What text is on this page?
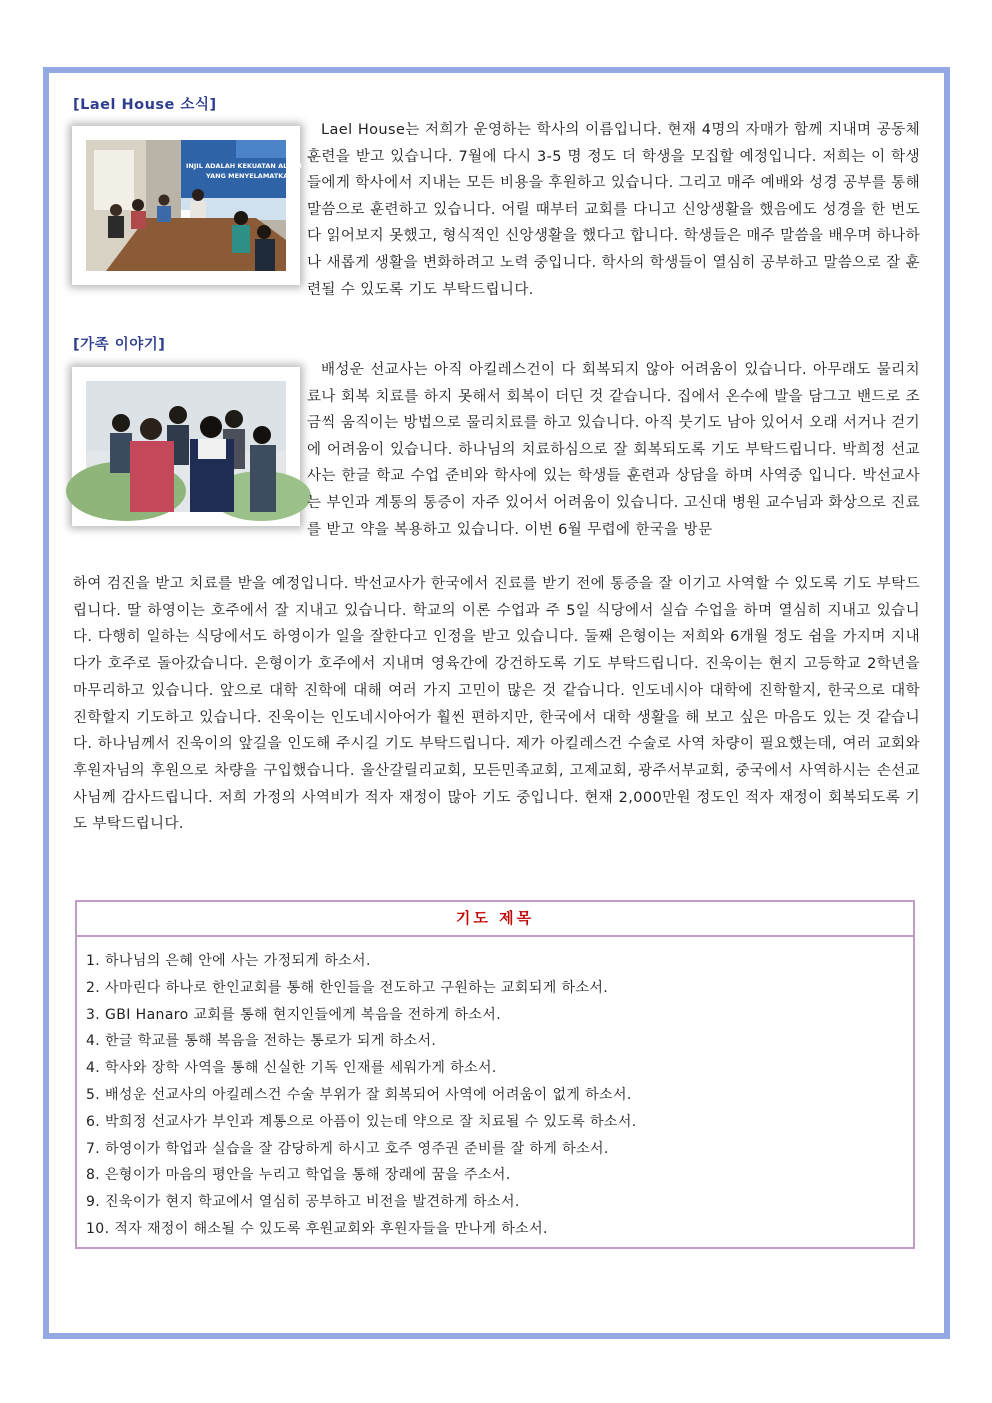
[Lael House 소식]
INJIL ADALAH KEKUATAN ALLAH
YANG MENYELAMATKAN

Lael House는 저희가 운영하는 학사의 이름입니다. 현재 4명의 자매가 함께 지내며 공동체 훈련을 받고 있습니다. 7월에 다시 3-5 명 정도 더 학생을 모집할 예정입니다. 저희는 이 학생들에게 학사에서 지내는 모든 비용을 후원하고 있습니다. 그리고 매주 예배와 성경 공부를 통해 말씀으로 훈련하고 있습니다. 어릴 때부터 교회를 다니고 신앙생활을 했음에도 성경을 한 번도 다 읽어보지 못했고, 형식적인 신앙생활을 했다고 합니다. 학생들은 매주 말씀을 배우며 하나하나 새롭게 생활을 변화하려고 노력 중입니다. 학사의 학생들이 열심히 공부하고 말씀으로 잘 훈련될 수 있도록 기도 부탁드립니다.

[가족 이야기]

배성운 선교사는 아직 아킬레스건이 다 회복되지 않아 어려움이 있습니다. 아무래도 물리치료나 회복 치료를 하지 못해서 회복이 더딘 것 같습니다. 집에서 온수에 발을 담그고 밴드로 조금씩 움직이는 방법으로 물리치료를 하고 있습니다. 아직 붓기도 남아 있어서 오래 서거나 걷기에 어려움이 있습니다. 하나님의 치료하심으로 잘 회복되도록 기도 부탁드립니다. 박희정 선교사는 한글 학교 수업 준비와 학사에 있는 학생들 훈련과 상담을 하며 사역중 입니다. 박선교사는 부인과 계통의 통증이 자주 있어서 어려움이 있습니다. 고신대 병원 교수님과 화상으로 진료를 받고 약을 복용하고 있습니다. 이번 6월 무렵에 한국을 방문

하여 검진을 받고 치료를 받을 예정입니다. 박선교사가 한국에서 진료를 받기 전에 통증을 잘 이기고 사역할 수 있도록 기도 부탁드립니다. 딸 하영이는 호주에서 잘 지내고 있습니다. 학교의 이론 수업과 주 5일 식당에서 실습 수업을 하며 열심히 지내고 있습니다. 다행히 일하는 식당에서도 하영이가 일을 잘한다고 인정을 받고 있습니다. 둘째 은형이는 저희와 6개월 정도 쉼을 가지며 지내다가 호주로 돌아갔습니다. 은형이가 호주에서 지내며 영육간에 강건하도록 기도 부탁드립니다. 진욱이는 현지 고등학교 2학년을 마무리하고 있습니다. 앞으로 대학 진학에 대해 여러 가지 고민이 많은 것 같습니다. 인도네시아 대학에 진학할지, 한국으로 대학 진학할지 기도하고 있습니다. 진욱이는 인도네시아어가 훨씬 편하지만, 한국에서 대학 생활을 해 보고 싶은 마음도 있는 것 같습니다. 하나님께서 진욱이의 앞길을 인도해 주시길 기도 부탁드립니다. 제가 아킬레스건 수술로 사역 차량이 필요했는데, 여러 교회와 후원자님의 후원으로 차량을 구입했습니다. 울산갈릴리교회, 모든민족교회, 고제교회, 광주서부교회, 중국에서 사역하시는 손선교사님께 감사드립니다. 저희 가정의 사역비가 적자 재정이 많아 기도 중입니다. 현재 2,000만원 정도인 적자 재정이 회복되도록 기도 부탁드립니다.

기도 제목
1. 하나님의 은혜 안에 사는 가정되게 하소서.
2. 사마린다 하나로 한인교회를 통해 한인들을 전도하고 구원하는 교회되게 하소서.
3. GBI Hanaro 교회를 통해 현지인들에게 복음을 전하게 하소서.
4. 한글 학교를 통해 복음을 전하는 통로가 되게 하소서.
4. 학사와 장학 사역을 통해 신실한 기독 인재를 세워가게 하소서.
5. 배성운 선교사의 아킬레스건 수술 부위가 잘 회복되어 사역에 어려움이 없게 하소서.
6. 박희정 선교사가 부인과 계통으로 아픔이 있는데 약으로 잘 치료될 수 있도록 하소서.
7. 하영이가 학업과 실습을 잘 감당하게 하시고 호주 영주권 준비를 잘 하게 하소서.
8. 은형이가 마음의 평안을 누리고 학업을 통해 장래에 꿈을 주소서.
9. 진욱이가 현지 학교에서 열심히 공부하고 비전을 발견하게 하소서.
10. 적자 재정이 해소될 수 있도록 후원교회와 후원자들을 만나게 하소서.
